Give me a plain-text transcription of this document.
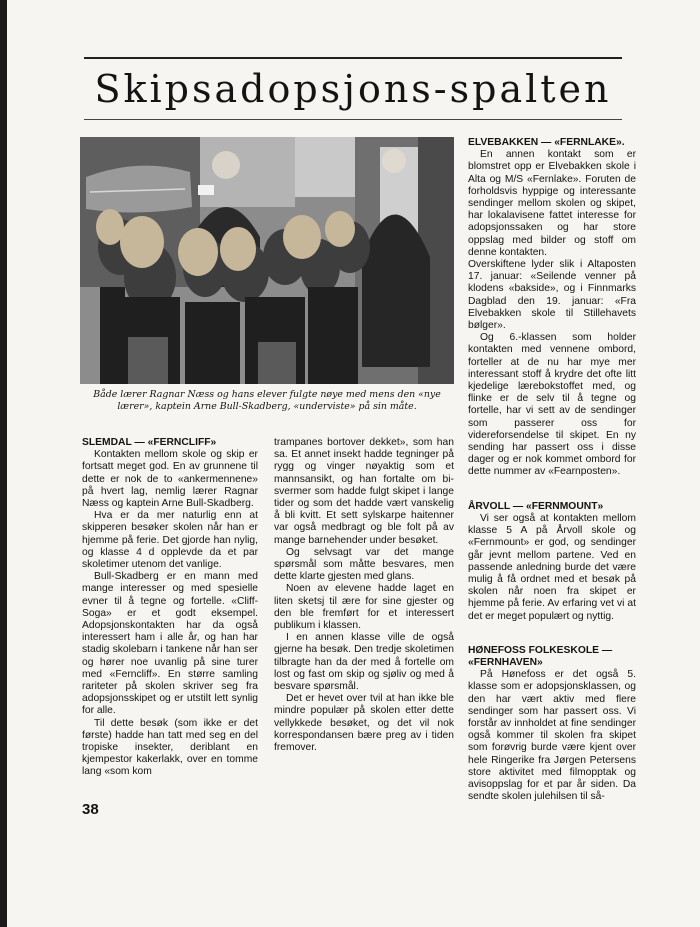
Skipsadopsjons-spalten

Både lærer Ragnar Næss og hans elever fulgte nøye med mens den «nye lærer», kaptein Arne Bull-Skadberg, «underviste» på sin måte.

SLEMDAL — «FERNCLIFF»

Kontakten mellom skole og skip er fortsatt meget god. En av grunnene til dette er nok de to «ankermennene» på hvert lag, nemlig lærer Ragnar Næss og kaptein Arne Bull-Skadberg.

Hva er da mer naturlig enn at skipperen besøker skolen når han er hjemme på ferie. Det gjorde han nylig, og klasse 4 d opplevde da et par skoletimer utenom det vanlige.

Bull-Skadberg er en mann med mange interesser og med spesielle evner til å tegne og fortelle. «Cliff-Soga» er et godt eksempel. Adopsjonskontakten har da også interessert ham i alle år, og han har stadig skolebarn i tankene når han ser og hører noe uvanlig på sine turer med «Ferncliff». En større samling rariteter på skolen skriver seg fra adopsjonsskipet og er utstilt lett synlig for alle.

Til dette besøk (som ikke er det første) hadde han tatt med seg en del tropiske insekter, deriblant en kjempestor kakerlakk, over en tomme lang «som kom

trampanes bortover dekket», som han sa. Et annet insekt hadde tegninger på rygg og vinger nøyaktig som et mannsansikt, og han fortalte om bi-svermer som hadde fulgt skipet i lange tider og som det hadde vært vanskelig å bli kvitt. Et sett sylskarpe haitenner var også medbragt og ble folt på av mange barnehender under besøket.

Og selvsagt var det mange spørsmål som måtte besvares, men dette klarte gjesten med glans.

Noen av elevene hadde laget en liten sketsj til ære for sine gjester og den ble fremført for et interessert publikum i klassen.

I en annen klasse ville de også gjerne ha besøk. Den tredje skoletimen tilbragte han da der med å fortelle om lost og fast om skip og sjøliv og med å besvare spørsmål.

Det er hevet over tvil at han ikke ble mindre populær på skolen etter dette vellykkede besøket, og det vil nok korrespondansen bære preg av i tiden fremover.

ELVEBAKKEN — «FERNLAKE».

En annen kontakt som er blomstret opp er Elvebakken skole i Alta og M/S «Fernlake». Foruten de forholdsvis hyppige og interessante sendinger mellom skolen og skipet, har lokalavisene fattet interesse for adopsjonssaken og har store oppslag med bilder og stoff om denne kontakten.

Overskiftene lyder slik i Altaposten 17. januar: «Seilende venner på klodens «bakside», og i Finnmarks Dagblad den 19. januar: «Fra Elvebakken skole til Stillehavets bølger».

Og 6.-klassen som holder kontakten med vennene ombord, forteller at de nu har mye mer interessant stoff å krydre det ofte litt kjedelige lærebokstoffet med, og flinke er de selv til å tegne og fortelle, har vi sett av de sendinger som passerer oss for videreforsendelse til skipet. En ny sending har passert oss i disse dager og er nok kommet ombord for dette nummer av «Fearnposten».

ÅRVOLL — «FERNMOUNT»

Vi ser også at kontakten mellom klasse 5 A på Årvoll skole og «Fernmount» er god, og sendinger går jevnt mellom partene. Ved en passende anledning burde det være mulig å få ordnet med et besøk på skolen når noen fra skipet er hjemme på ferie. Av erfaring vet vi at det er meget populært og nyttig.

HØNEFOSS FOLKESKOLE — «FERNHAVEN»

På Hønefoss er det også 5. klasse som er adopsjonsklassen, og den har vært aktiv med flere sendinger som har passert oss. Vi forstår av innholdet at fine sendinger også kommer til skolen fra skipet som forøvrig burde være kjent over hele Ringerike fra Jørgen Petersens store aktivitet med filmopptak og avisoppslag for et par år siden. Da sendte skolen julehilsen til så-

38
